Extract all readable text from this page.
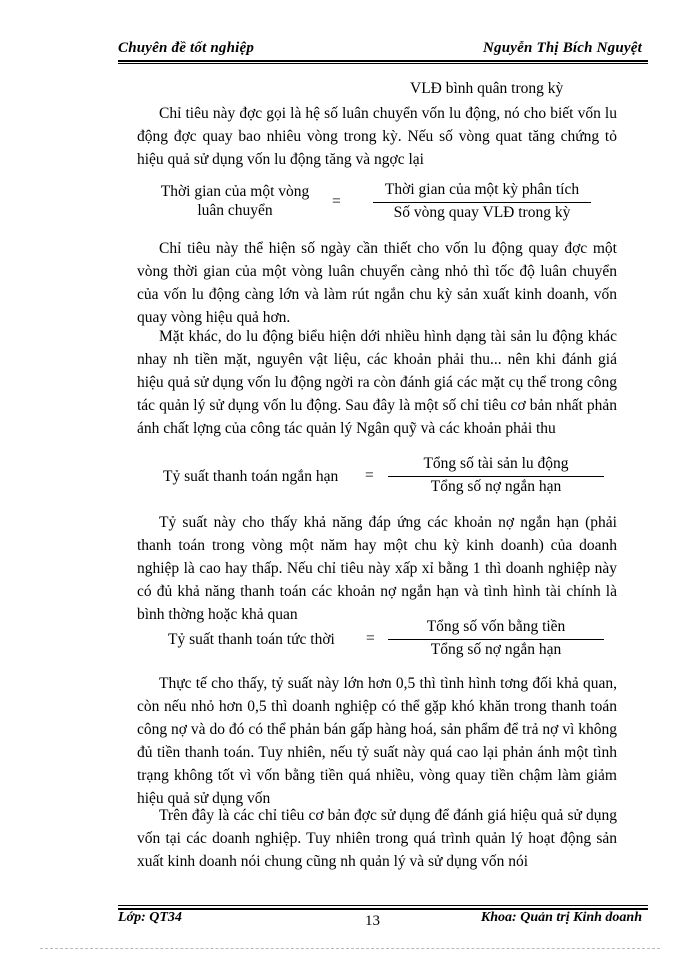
Chuyên đề tốt nghiệp	Nguyễn Thị Bích Nguyệt
VLĐ bình quân trong kỳ

Chỉ tiêu này đợc gọi là hệ số luân chuyển vốn lu động, nó cho biết vốn lu động đợc quay bao nhiêu vòng trong kỳ. Nếu số vòng quat tăng chứng tỏ hiệu quả sử dụng vốn lu động tăng và ngợc lại

Thời gian của một vòng
luân chuyển
=
Thời gian của một kỳ phân tích
Số vòng quay VLĐ trong kỳ

Chỉ tiêu này thể hiện số ngày cần thiết cho vốn lu động quay đợc một vòng thời gian của một vòng luân chuyển càng nhỏ thì tốc độ luân chuyển của vốn lu động càng lớn và làm rút ngắn chu kỳ sản xuất kinh doanh, vốn quay vòng hiệu quả hơn.

Mặt khác, do lu động biểu hiện dới nhiều hình dạng tài sản lu động khác nhay nh tiền mặt, nguyên vật liệu, các khoản phải thu... nên khi đánh giá hiệu quả sử dụng vốn lu động ngời ra còn đánh giá các mặt cụ thể trong công tác quản lý sử dụng vốn lu động. Sau đây là một số chỉ tiêu cơ bản nhất phản ánh chất lợng của công tác quản lý Ngân quỹ và các khoản phải thu

Tỷ suất thanh toán ngắn hạn	=
Tổng số tài sản lu động
Tổng số nợ ngắn hạn

Tỷ suất này cho thấy khả năng đáp ứng các khoản nợ ngắn hạn (phải thanh toán trong vòng một năm hay một chu kỳ kinh doanh) của doanh nghiệp là cao hay thấp. Nếu chỉ tiêu này xấp xỉ bằng 1 thì doanh nghiệp này có đủ khả năng thanh toán các khoản nợ ngắn hạn và tình hình tài chính là bình thờng hoặc khả quan

Tỷ suất thanh toán tức thời	=
Tổng số vốn bằng tiền
Tổng số nợ ngắn hạn

Thực tế cho thấy, tỷ suất này lớn hơn 0,5 thì tình hình tơng đối khả quan, còn nếu nhỏ hơn 0,5 thì doanh nghiệp có thể gặp khó khăn trong thanh toán công nợ và do đó có thể phản bán gấp hàng hoá, sản phẩm để trả nợ vì không đủ tiền thanh toán. Tuy nhiên, nếu tỷ suất này quá cao lại phản ánh một tình trạng không tốt vì vốn bằng tiền quá nhiều, vòng quay tiền chậm làm giảm hiệu quả sử dụng vốn

Trên đây là các chỉ tiêu cơ bản đợc sử dụng để đánh giá hiệu quả sử dụng vốn tại các doanh nghiệp. Tuy nhiên trong quá trình quản lý hoạt động sản xuất kinh doanh nói chung cũng nh quản lý và sử dụng vốn nói

Lớp: QT34	13	Khoa: Quản trị Kinh doanh
